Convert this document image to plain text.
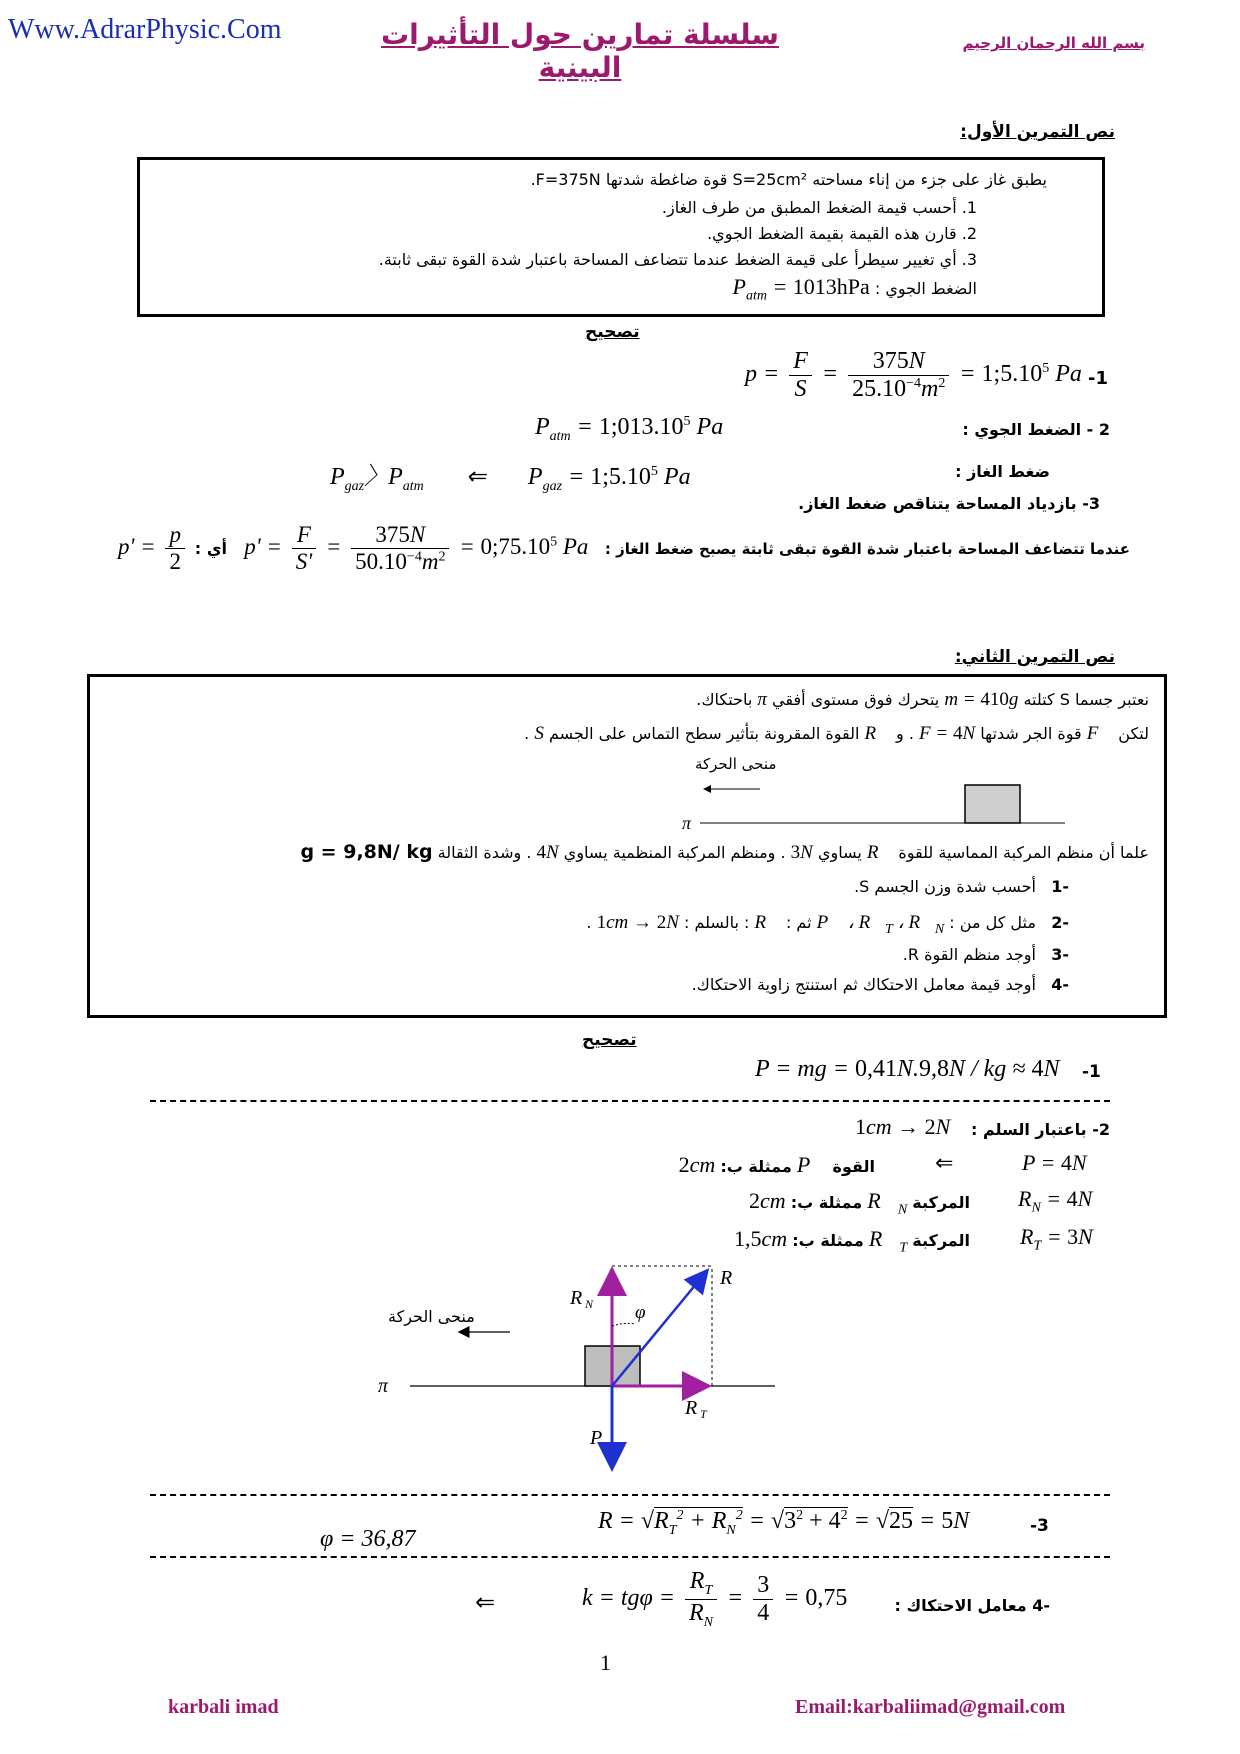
Www.AdrarPhysic.Com	سلسلة تمارين حول التأثيرات البينية
بسم الله الرحمان الرحيم
نص التمرين الأول:
يطبق غاز على جزء من إناء مساحته S=25cm² قوة ضاغطة شدتها F=375N.
1. أحسب قيمة الضغط المطبق من طرف الغاز.
2. قارن هذه القيمة بقيمة الضغط الجوي.
3. أي تغيير سيطرأ على قيمة الضغط عندما تتضاعف المساحة باعتبار شدة القوة تبقى ثابتة.
الضغط الجوي : $P_{atm} = 1013hPa$
تصحيح
$p = \frac{F}{S} = \frac{375N}{25.10^{-4}m^2}$ = $1;5.10^5$ Pa -1
$P_{atm}$ = $1;013.10^5$ Pa	2 - الضغط الجوي :
$P_{gaz}$〉$P_{atm}$       ⇐       $P_{gaz}$ = $1;5.10^5$ Pa	ضغط الغاز :
3- بازدياد المساحة يتناقص ضغط الغاز.
عندما تتضاعف المساحة باعتبار شدة القوة تبقى ثابتة يصبح ضغط الغاز :
$p' = \frac{p}{2}$ : أي   $p' = \frac{F}{S'} = \frac{375N}{50.10^{-4}m^2}$ = $0;75.10^5$ Pa
نص التمرين الثاني:
نعتبر جسما S كتلته m = 410g يتحرك فوق مستوى أفقي π باحتكاك.
لتكن F⃗ قوة الجر شدتها F = 4N . و R⃗ القوة المقرونة بتأثير سطح التماس على الجسم S .
منحى الحركة
π
علما أن منظم المركبة المماسية للقوة R⃗ يساوي 3N . ومنظم المركبة المنظمية يساوي 4N . وشدة الثقالة g = 9,8N/ kg
-1   أحسب شدة وزن الجسم S.
-2   مثل كل من : P⃗ ، $R⃗_T$ ، $R⃗_N$ ثم : R⃗ : بالسلم : 1cm → 2N .
-3   أوجد منظم القوة R.
-4   أوجد قيمة معامل الاحتكاك ثم استنتج زاوية الاحتكاك.
تصحيح
P = mg = 0,41N.9,8N / kg ≈ 4N -1
2- باعتبار السلم :
1cm → 2N
P = 4N
القوة P⃗ ممثلة ب: 2cm	⇐
$R_N = 4N$
المركبة $R⃗_N$ ممثلة ب: 2cm
$R_T = 3N$
المركبة $R⃗_T$ ممثلة ب: 1,5cm
منحى الحركة
π
φ
R N
R
R T
P
$R = √R_T^2 + R_N^2 = √3^2 + 4^2 = √25 = 5N$	-3
φ = 36,87
⇐	$k = tg\varphi = \frac{R_T}{R_N} = \frac{3}{4} = 0,75$	-4 معامل الاحتكاك :
1
karbali imad	Email:karbaliimad@gmail.com
